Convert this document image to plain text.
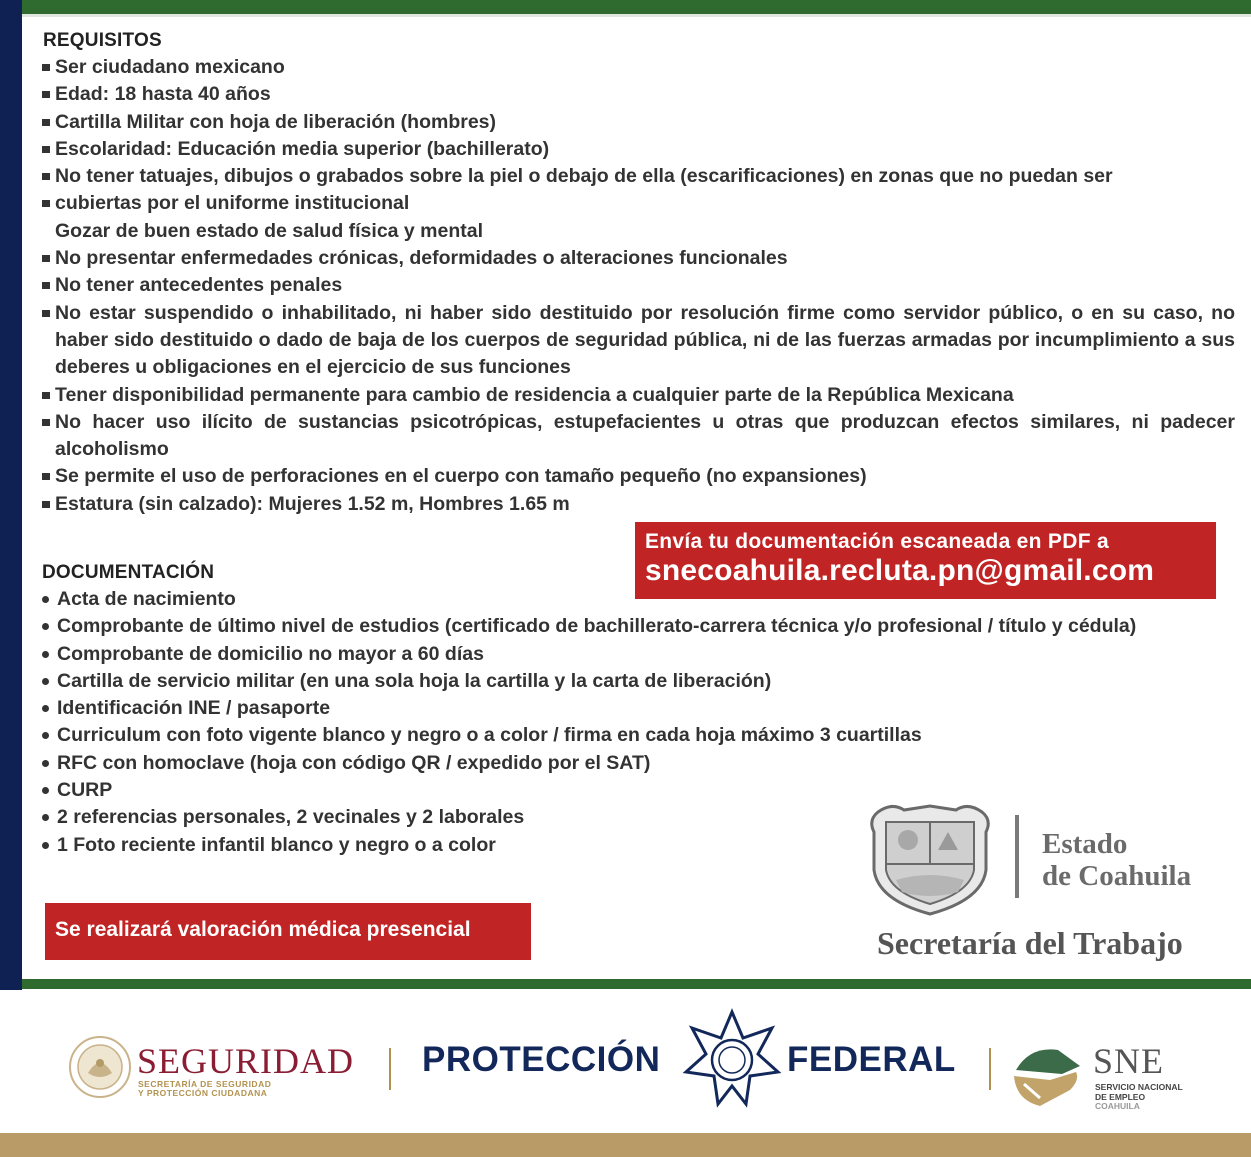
REQUISITOS
Ser ciudadano mexicano
Edad: 18 hasta 40 años
Cartilla Militar con hoja de liberación (hombres)
Escolaridad: Educación media superior (bachillerato)
No tener tatuajes, dibujos o grabados sobre la piel o debajo de ella (escarificaciones) en zonas que no puedan ser
cubiertas por el uniforme institucional
Gozar de buen estado de salud física y mental
No presentar enfermedades crónicas, deformidades o alteraciones funcionales
No tener antecedentes penales
No estar suspendido o inhabilitado, ni haber sido destituido por resolución firme como servidor público, o en su caso, no haber sido destituido o dado de baja de los cuerpos de seguridad pública, ni de las fuerzas armadas por incumplimiento a sus deberes u obligaciones en el ejercicio de sus funciones
Tener disponibilidad permanente para cambio de residencia a cualquier parte de la República Mexicana
No hacer uso ilícito de sustancias psicotrópicas, estupefacientes u otras que produzcan efectos similares, ni padecer alcoholismo
Se permite el uso de perforaciones en el cuerpo con tamaño pequeño (no expansiones)
Estatura (sin calzado): Mujeres 1.52 m, Hombres 1.65 m
Envía tu documentación escaneada en PDF a
snecoahuila.recluta.pn@gmail.com
DOCUMENTACIÓN
Acta de nacimiento
Comprobante de último nivel de estudios (certificado de bachillerato-carrera técnica y/o profesional / título y cédula)
Comprobante de domicilio no mayor a 60 días
Cartilla de servicio militar (en una sola hoja la cartilla y la carta de liberación)
Identificación INE / pasaporte
Curriculum con foto vigente blanco y negro o a color / firma en cada hoja máximo 3 cuartillas
RFC con homoclave (hoja con código QR / expedido por el SAT)
CURP
2 referencias personales, 2 vecinales y 2 laborales
1 Foto reciente infantil blanco y negro o a color
Se realizará valoración médica presencial
Estado
de Coahuila
Secretaría del Trabajo
SEGURIDAD
SECRETARÍA DE SEGURIDAD
Y PROTECCIÓN CIUDADANA
PROTECCIÓN	FEDERAL	SNE
SERVICIO NACIONAL
DE EMPLEO
COAHUILA
